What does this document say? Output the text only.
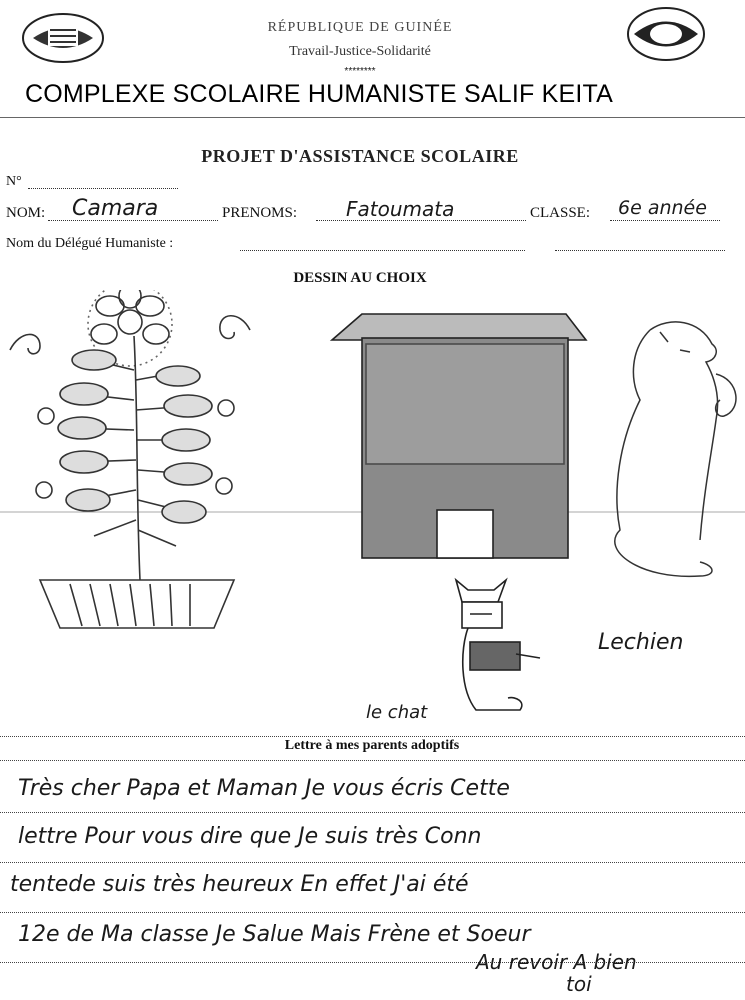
RÉPUBLIQUE DE GUINÉE
Travail-Justice-Solidarité
********
COMPLEXE SCOLAIRE HUMANISTE SALIF KEITA
PROJET D'ASSISTANCE SCOLAIRE
N°
NOM: Camara	PRENOMS: Fatoumata	CLASSE: 6e année
Nom du Délégué Humaniste :
DESSIN AU CHOIX
Lechien
le chat
Lettre à mes parents adoptifs
Très cher Papa et Maman Je vous écris Cette
lettre Pour vous dire que Je suis très Conn
tentede suis très heureux En effet J'ai été
12e de Ma classe Je Salue Mais Frène et Soeur
Au revoir A bien
toi
